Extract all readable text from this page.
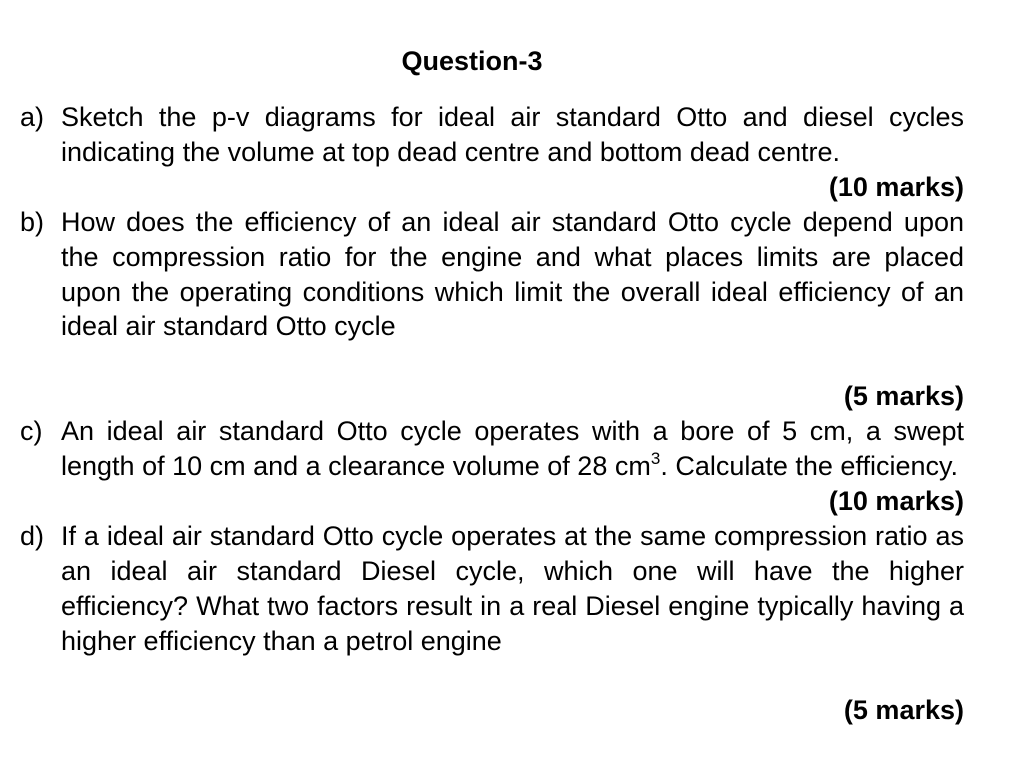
Question-3
a) Sketch the p-v diagrams for ideal air standard Otto and diesel cycles indicating the volume at top dead centre and bottom dead centre.
(10 marks)
b) How does the efficiency of an ideal air standard Otto cycle depend upon the compression ratio for the engine and what places limits are placed upon the operating conditions which limit the overall ideal efficiency of an ideal air standard Otto cycle
(5 marks)
c) An ideal air standard Otto cycle operates with a bore of 5 cm, a swept length of 10 cm and a clearance volume of 28 $cm^3$. Calculate the efficiency.
(10 marks)
d) If a ideal air standard Otto cycle operates at the same compression ratio as an ideal air standard Diesel cycle, which one will have the higher efficiency? What two factors result in a real Diesel engine typically having a higher efficiency than a petrol engine
(5 marks)
